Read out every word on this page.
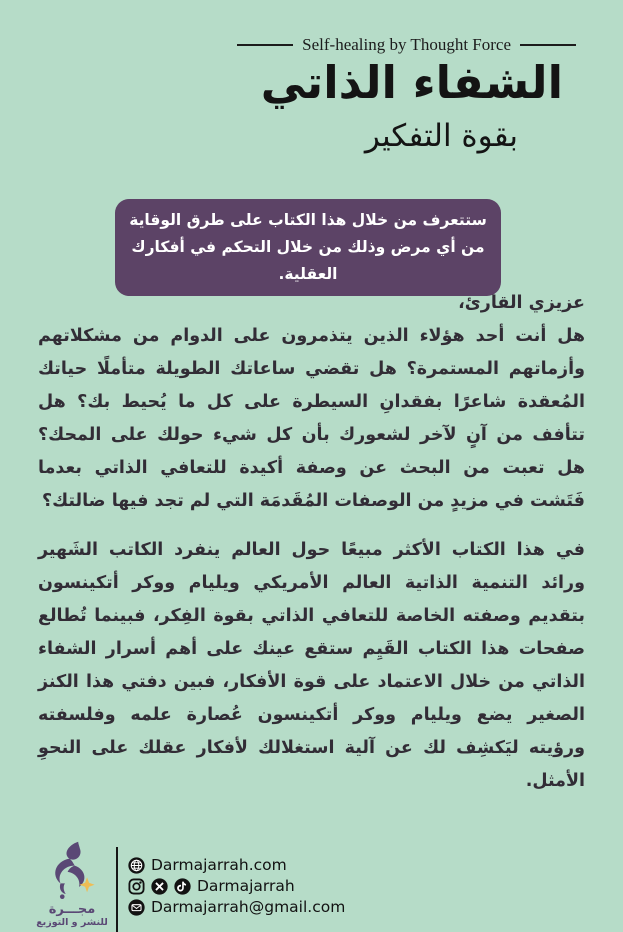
Self-healing by Thought Force
الشفاء الذاتي
بقوة التفكير

ستتعرف من خلال هذا الكتاب على طرق الوقاية من أي مرض وذلك من خلال التحكم في أفكارك العقلية.

عزيزي القارئ،

هل أنت أحد هؤلاء الذين يتذمرون على الدوام من مشكلاتهم وأزماتهم المستمرة؟ هل تقضي ساعاتك الطويلة متأملًا حياتك المُعقدة شاعرًا بفقدانِ السيطرة على كل ما يُحيط بك؟ هل تتأفف من آنٍ لآخر لشعورك بأن كل شيء حولك على المحك؟ هل تعبت من البحث عن وصفة أكيدة للتعافي الذاتي بعدما فَتَشت في مزيدٍ من الوصفات المُقَدمَة التي لم تجد فيها ضالتك؟

في هذا الكتاب الأكثر مبيعًا حول العالم ينفرد الكاتب الشَهير ورائد التنمية الذاتية العالم الأمريكي ويليام ووكر أتكينسون بتقديم وصفته الخاصة للتعافي الذاتي بقوة الفِكر، فبينما تُطالع صفحات هذا الكتاب القَيِم ستقع عينك على أهم أسرار الشفاء الذاتي من خلال الاعتماد على قوة الأفكار، فبين دفتي هذا الكنز الصغير يضع ويليام ووكر أتكينسون عُصارة علمه وفلسفته ورؤيته ليَكشِف لك عن آلية استغلالك لأفكار عقلك على النحوِ الأمثل.

مجـــرة
للنشر و التوزيع
Darmajarrah.com
Darmajarrah
Darmajarrah@gmail.com
